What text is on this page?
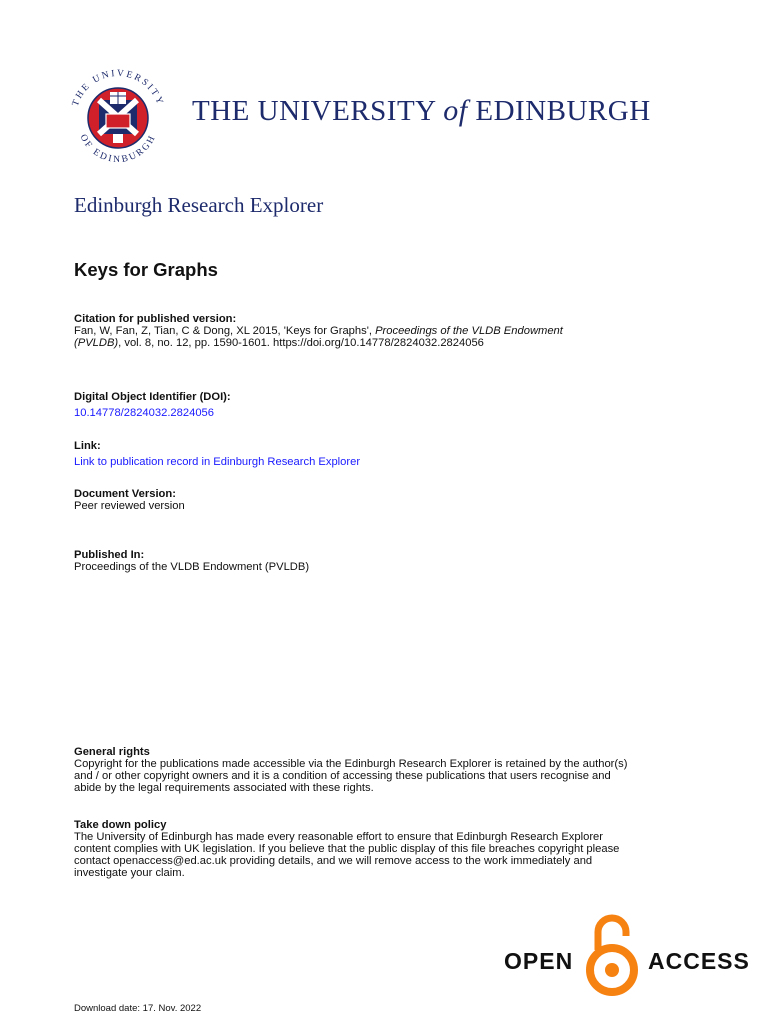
THE UNIVERSITY
OF EDINBURGH
THE UNIVERSITY of EDINBURGH
Edinburgh Research Explorer
Keys for Graphs
Citation for published version:
Fan, W, Fan, Z, Tian, C & Dong, XL 2015, 'Keys for Graphs', Proceedings of the VLDB Endowment
(PVLDB), vol. 8, no. 12, pp. 1590-1601. https://doi.org/10.14778/2824032.2824056
Digital Object Identifier (DOI):
10.14778/2824032.2824056
Link:
Link to publication record in Edinburgh Research Explorer
Document Version:
Peer reviewed version
Published In:
Proceedings of the VLDB Endowment (PVLDB)
General rights
Copyright for the publications made accessible via the Edinburgh Research Explorer is retained by the author(s)
and / or other copyright owners and it is a condition of accessing these publications that users recognise and
abide by the legal requirements associated with these rights.
Take down policy
The University of Edinburgh has made every reasonable effort to ensure that Edinburgh Research Explorer
content complies with UK legislation. If you believe that the public display of this file breaches copyright please
contact openaccess@ed.ac.uk providing details, and we will remove access to the work immediately and
investigate your claim.
OPEN	ACCESS
Download date: 17. Nov. 2022
